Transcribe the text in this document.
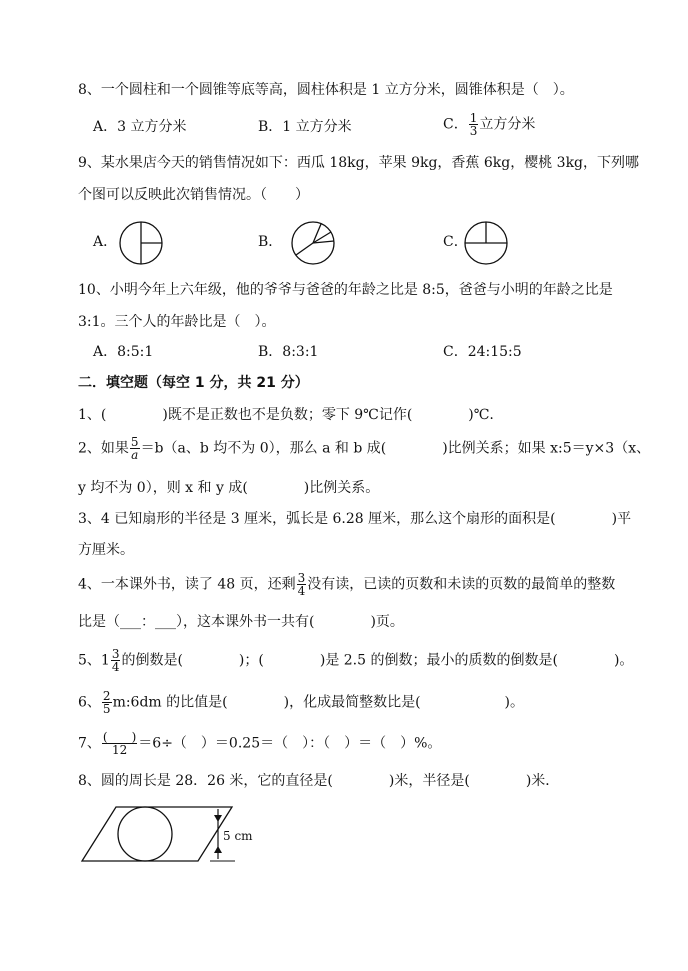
8、一个圆柱和一个圆锥等底等高，圆柱体积是 1 立方分米，圆锥体积是（　）。
A．3 立方分米	B．1 立方分米	C． $\frac{1}{3}$ 立方分米
9、某水果店今天的销售情况如下：西瓜 18kg，苹果 9kg，香蕉 6kg，樱桃 3kg，下列哪
个图可以反映此次销售情况。（　　）
A．	B．	C．
10、小明今年上六年级，他的爷爷与爸爸的年龄之比是 8:5，爸爸与小明的年龄之比是
3:1。三个人的年龄比是（　）。
A．8:5:1	B．8:3:1	C．24:15:5
二．填空题（每空 1 分，共 21 分）
1、(　　　　)既不是正数也不是负数；零下 9℃记作(　　　　)℃.
2、如果 $\frac{5}{a} =b(a$、b 均不为 0），那么 a 和 b 成(　　　　)比例关系；如果 x:5＝y×3（x、
y 均不为 0），则 x 和 y 成(　　　　)比例关系。
3、4 已知扇形的半径是 3 厘米，弧长是 6.28 厘米，那么这个扇形的面积是(　　　　)平
方厘米。
4、一本课外书，读了 48 页，还剩 $\frac{3}{4}$ 没有读，已读的页数和未读的页数的最简单的整数
比是（___：___），这本课外书一共有(　　　　)页。
5、$1 \frac{3}{4}$ 的倒数是(　　　　)；(　　　　)是 2.5 的倒数；最小的质数的倒数是(　　　　)。
6、 $\frac{2}{5}$ m:6dm 的比值是(　　　　)，化成最简整数比是(　　　　　　)。
7、 $\frac{( )}{12} =6\div$（　）＝0.25＝（　）：（　）＝（　）%。
8、圆的周长是 28．26 米，它的直径是(　　　　)米，半径是(　　　　)米．
5 cm
